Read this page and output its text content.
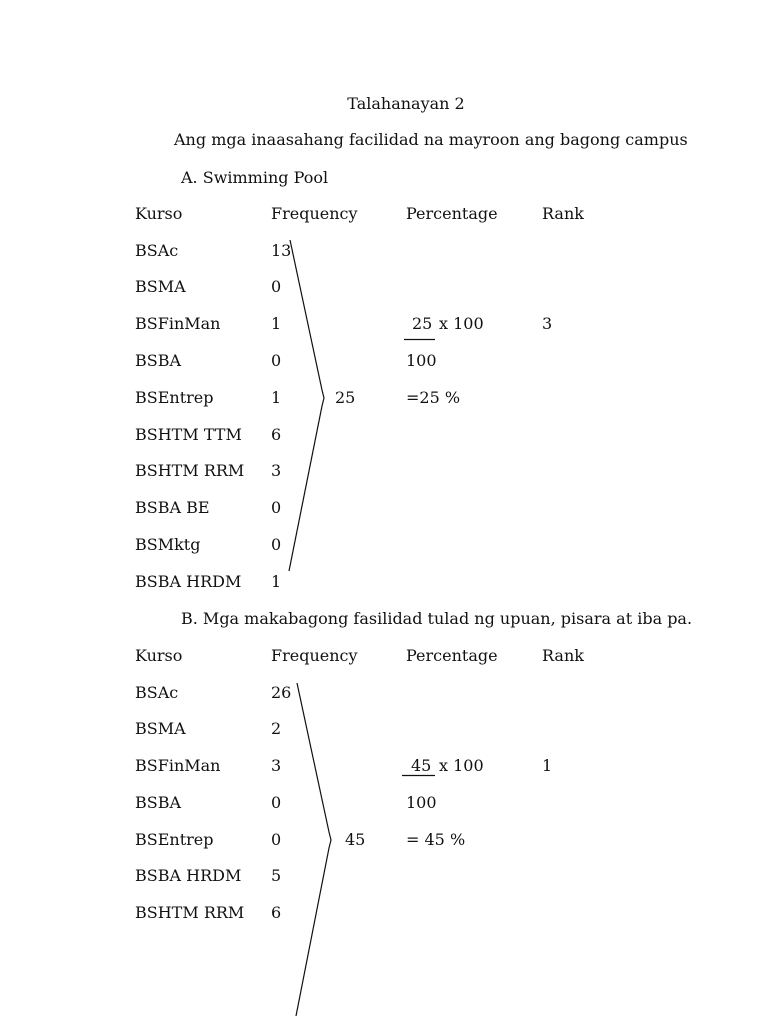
Talahanayan 2
Ang mga inaasahang facilidad na mayroon ang bagong campus
A. Swimming Pool
Kurso	Frequency	Percentage	Rank
BSAc	13
BSMA	0
BSFinMan	1
BSBA	0
BSEntrep	1
BSHTM TTM 6
BSHTM RRM 3
BSBA BE	0
BSMktg	0
BSBA HRDM 1
25
25 x 100
100
=25 %
3
B. Mga makabagong fasilidad tulad ng upuan, pisara at iba pa.
Kurso	Frequency	Percentage	Rank
BSAc	26
BSMA	2
BSFinMan	3
BSBA	0
BSEntrep	0
BSBA HRDM 5
BSHTM RRM 6
45
45 x 100
100
= 45 %
1
